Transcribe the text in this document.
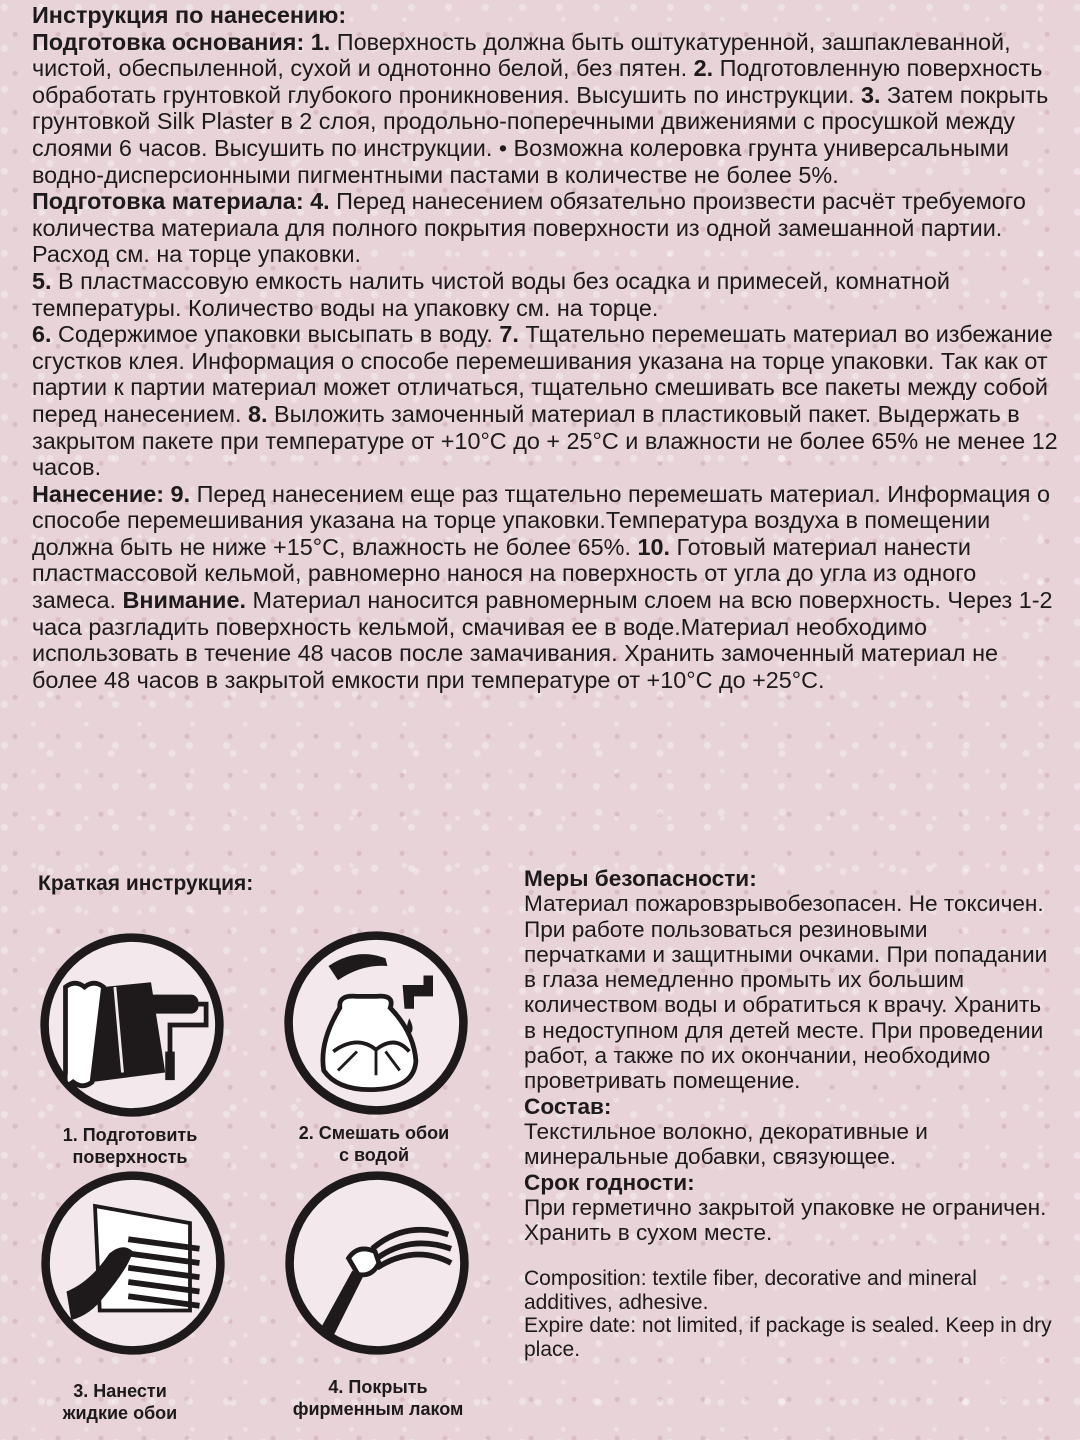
Инструкция по нанесению:

Подготовка основания: 1. Поверхность должна быть оштукатуренной, зашпаклеванной, чистой, обеспыленной, сухой и однотонно белой, без пятен. 2. Подготовленную поверхность обработать грунтовкой глубокого проникновения. Высушить по инструкции. 3. Затем покрыть грунтовкой Silk Plaster в 2 слоя, продольно-поперечными движениями с просушкой между слоями 6 часов. Высушить по инструкции. • Возможна колеровка грунта универсальными водно-дисперсионными пигментными пастами в количестве не более 5%.

Подготовка материала: 4. Перед нанесением обязательно произвести расчёт требуемого количества материала для полного покрытия поверхности из одной замешанной партии. Расход см. на торце упаковки.

5. В пластмассовую емкость налить чистой воды без осадка и примесей, комнатной температуры. Количество воды на упаковку см. на торце.

6. Содержимое упаковки высыпать в воду. 7. Тщательно перемешать материал во избежание сгустков клея. Информация о способе перемешивания указана на торце упаковки. Так как от партии к партии материал может отличаться, тщательно смешивать все пакеты между собой перед нанесением. 8. Выложить замоченный материал в пластиковый пакет. Выдержать в закрытом пакете при температуре от +10°С до + 25°С и влажности не более 65% не менее 12 часов.

Нанесение: 9. Перед нанесением еще раз тщательно перемешать материал. Информация о способе перемешивания указана на торце упаковки.Температура воздуха в помещении должна быть не ниже +15°С, влажность не более 65%. 10. Готовый материал нанести пластмассовой кельмой, равномерно нанося на поверхность от угла до угла из одного замеса. Внимание. Материал наносится равномерным слоем на всю поверхность. Через 1-2 часа разгладить поверхность кельмой, смачивая ее в воде.Материал необходимо использовать в течение 48 часов после замачивания. Хранить замоченный материал не более 48 часов в закрытой емкости при температуре от +10°С до +25°С.

Краткая инструкция:
1. Подготовить
поверхность
2. Смешать обои
с водой
3. Нанести
жидкие обои
4. Покрыть
фирменным лаком

Меры безопасности:

Материал пожаровзрывобезопасен. Не токсичен. При работе пользоваться резиновыми перчатками и защитными очками. При попадании в глаза немедленно промыть их большим количеством воды и обратиться к врачу. Хранить в недоступном для детей месте. При проведении работ, а также по их окончании, необходимо проветривать помещение.

Состав:

Текстильное волокно, декоративные и минеральные добавки, связующее.

Срок годности:

При герметично закрытой упаковке не ограничен. Хранить в сухом месте.

Composition: textile fiber, decorative and mineral additives, adhesive.

Expire date: not limited, if package is sealed. Keep in dry place.
